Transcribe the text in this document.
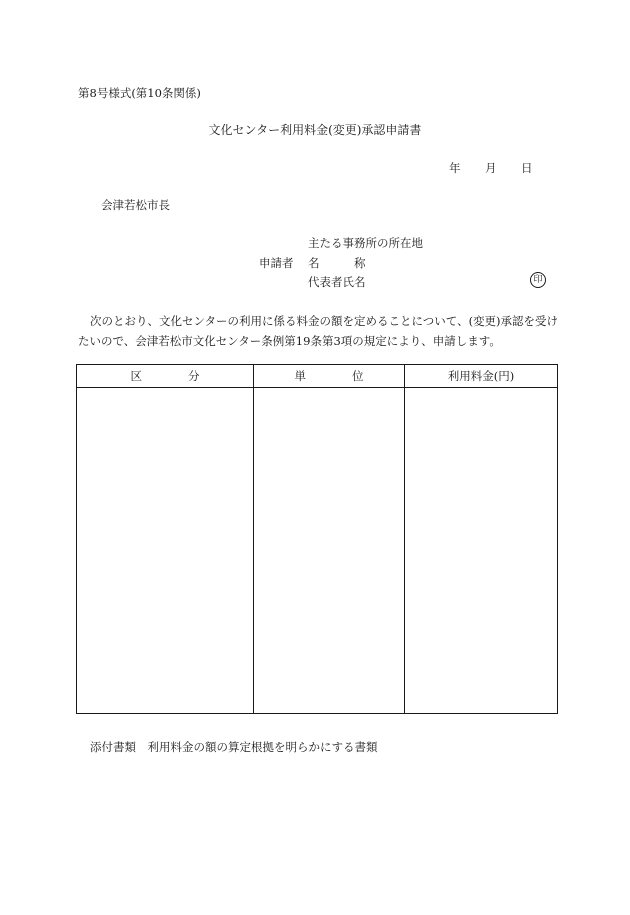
第8号様式(第10条関係)
文化センター利用料金(変更)承認申請書
年 月 日
会津若松市長
主たる事務所の所在地
申請者 名　　　称
代表者氏名	印
次のとおり、文化センターの利用に係る料金の額を定めることについて、(変更)承認を受けたいので、会津若松市文化センター条例第19条第3項の規定により、申請します。
区　　　　分	単　　　　位	利用料金(円)

添付書類　利用料金の額の算定根拠を明らかにする書類
